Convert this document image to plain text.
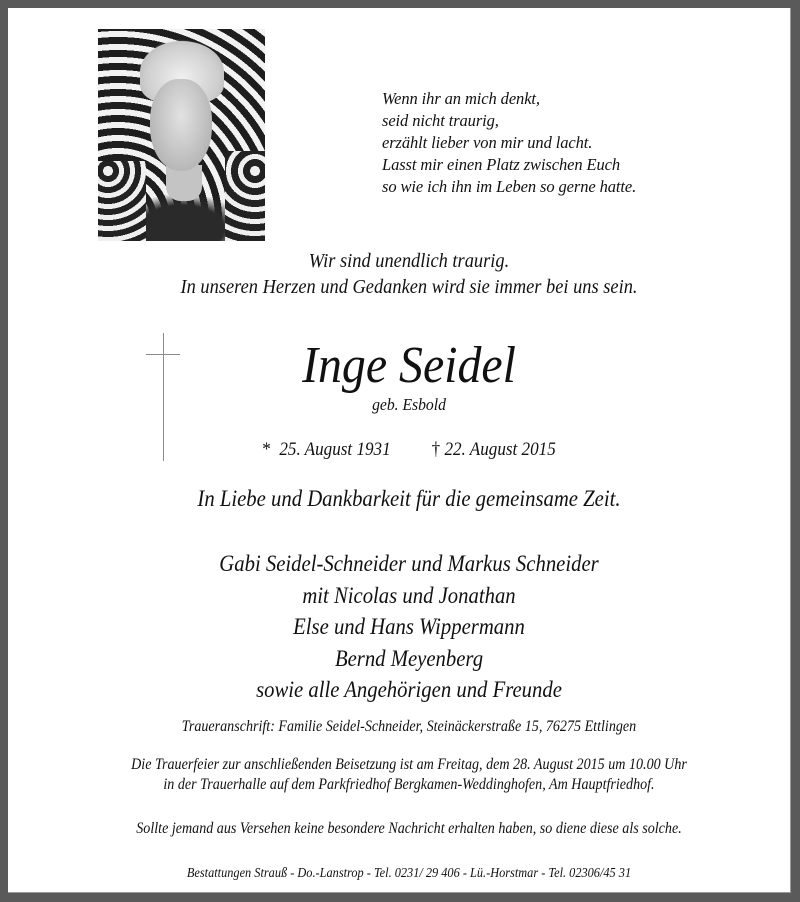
Wenn ihr an mich denkt,
seid nicht traurig,
erzählt lieber von mir und lacht.
Lasst mir einen Platz zwischen Euch
so wie ich ihn im Leben so gerne hatte.
Wir sind unendlich traurig.
In unseren Herzen und Gedanken wird sie immer bei uns sein.
Inge Seidel
geb. Esbold
* 25. August 1931 † 22. August 2015
In Liebe und Dankbarkeit für die gemeinsame Zeit.
Gabi Seidel-Schneider und Markus Schneider
mit Nicolas und Jonathan
Else und Hans Wippermann
Bernd Meyenberg
sowie alle Angehörigen und Freunde
Traueranschrift: Familie Seidel-Schneider, Steinäckerstraße 15, 76275 Ettlingen
Die Trauerfeier zur anschließenden Beisetzung ist am Freitag, dem 28. August 2015 um 10.00 Uhr
in der Trauerhalle auf dem Parkfriedhof Bergkamen-Weddinghofen, Am Hauptfriedhof.
Sollte jemand aus Versehen keine besondere Nachricht erhalten haben, so diene diese als solche.
Bestattungen Strauß - Do.-Lanstrop - Tel. 0231/ 29 406 - Lü.-Horstmar - Tel. 02306/45 31
